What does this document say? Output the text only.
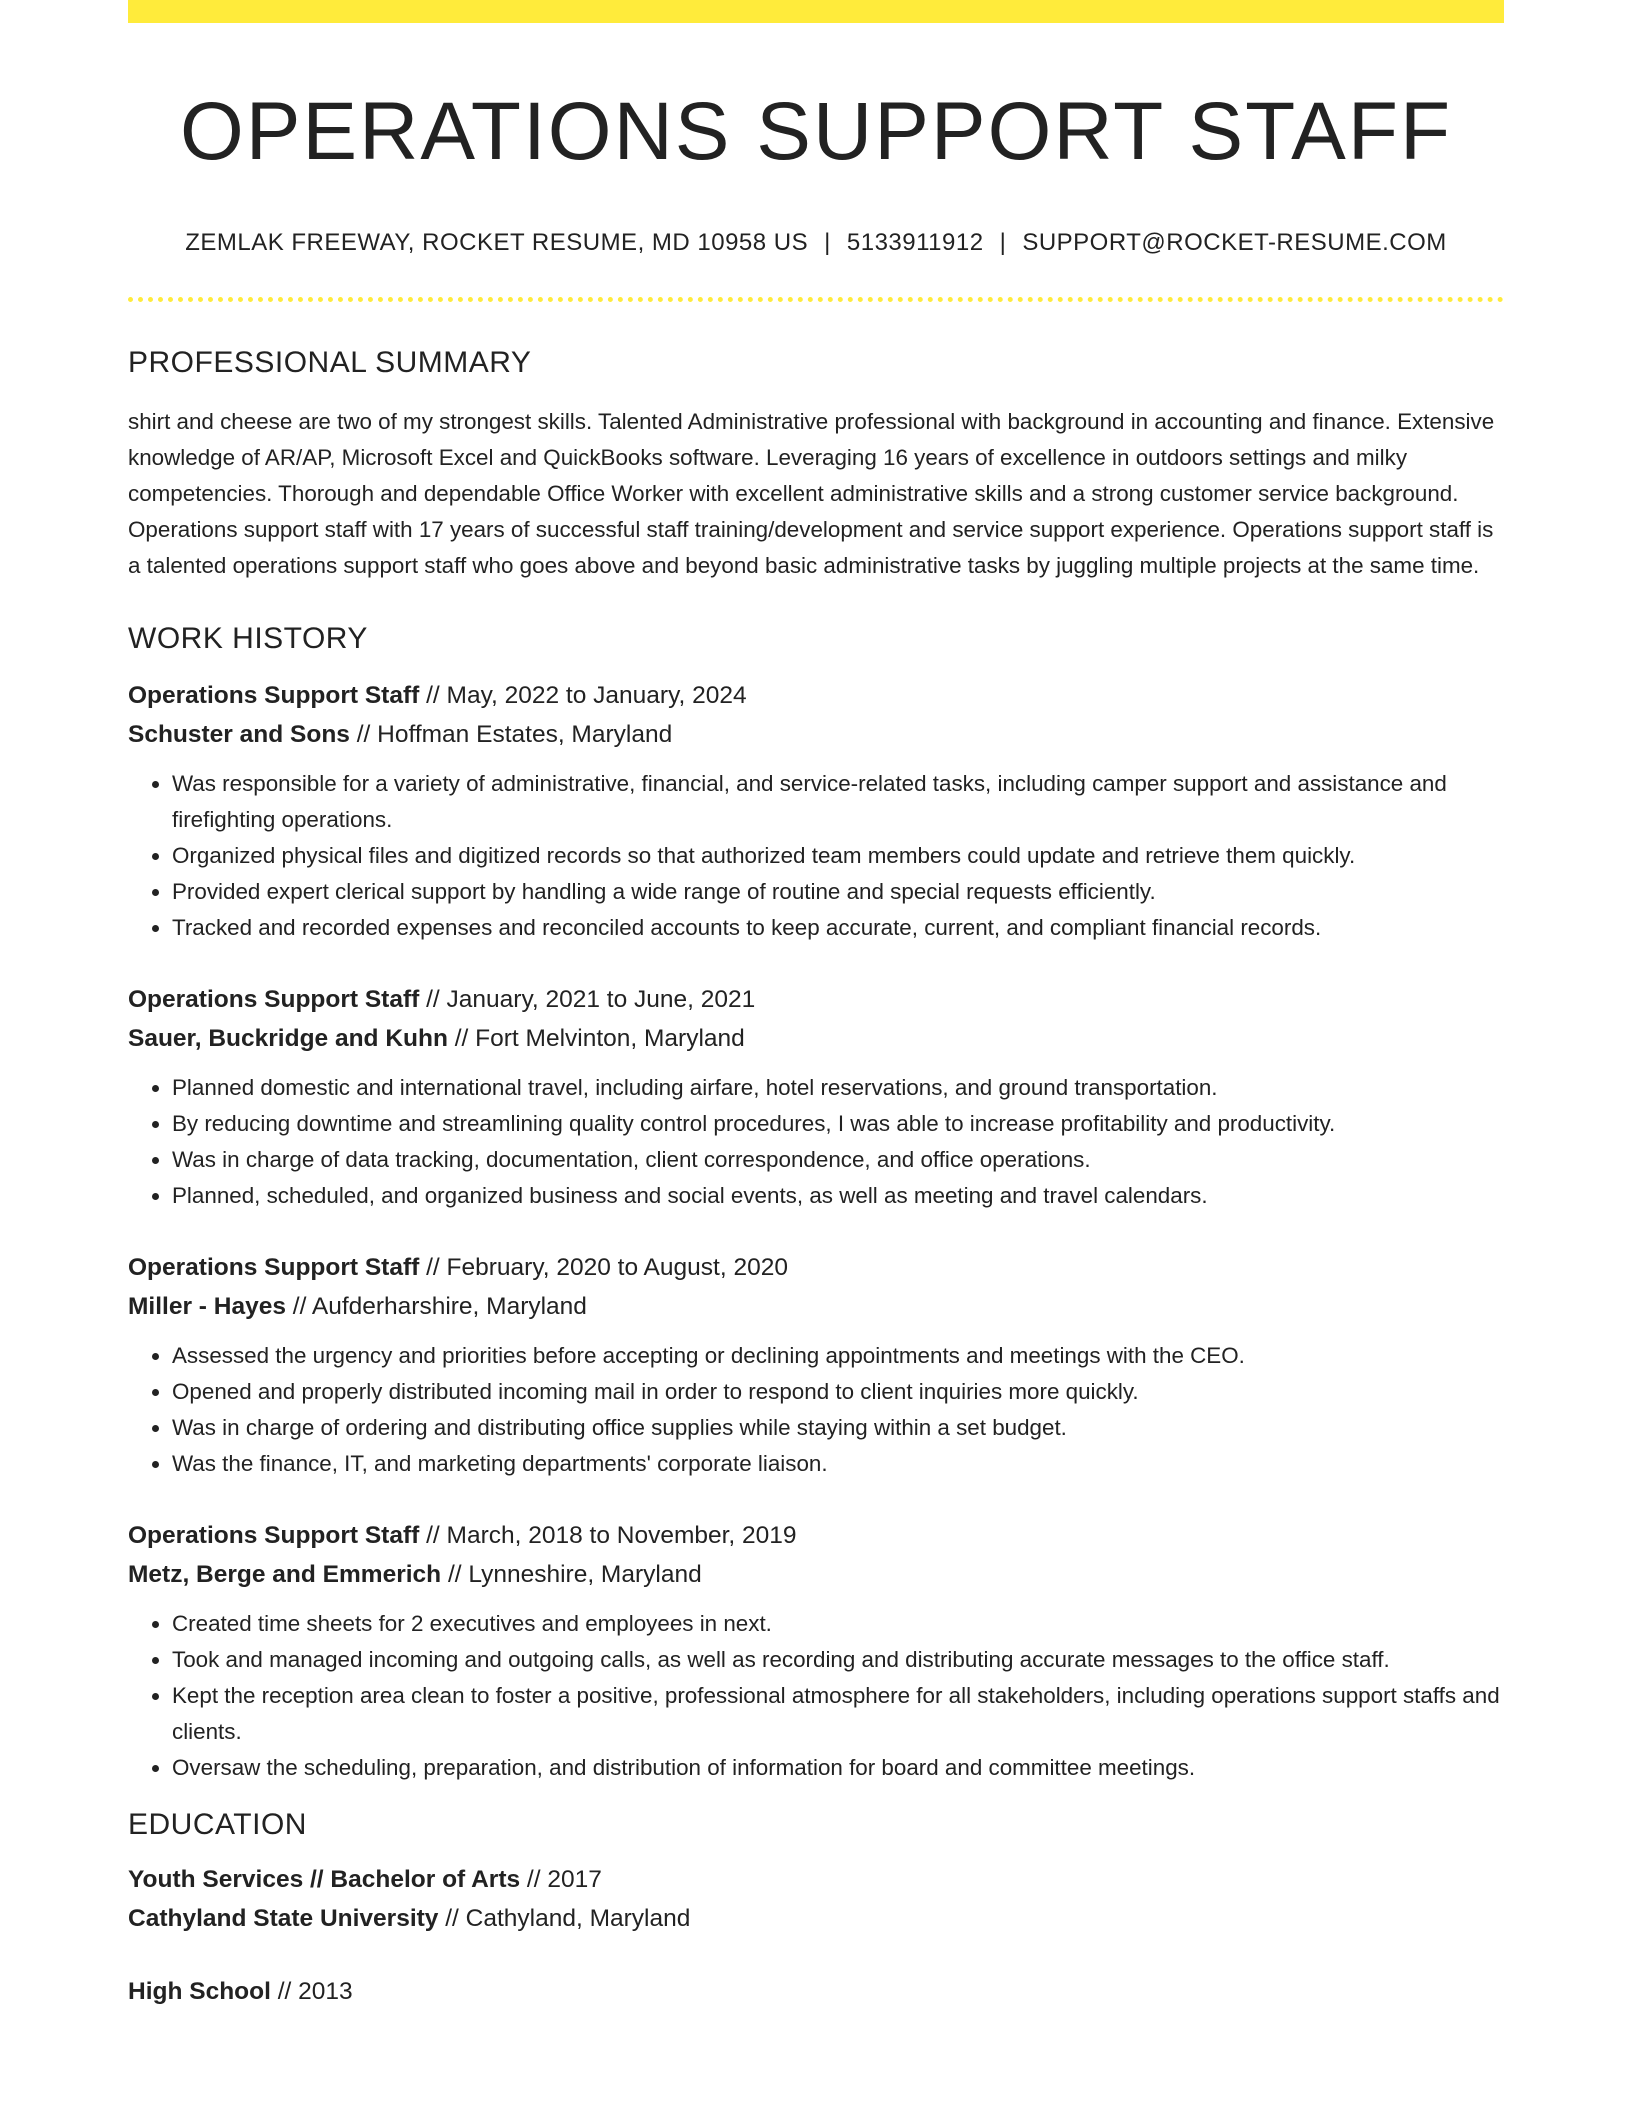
OPERATIONS SUPPORT STAFF
ZEMLAK FREEWAY, ROCKET RESUME, MD 10958 US | 5133911912 | SUPPORT@ROCKET-RESUME.COM
PROFESSIONAL SUMMARY
shirt and cheese are two of my strongest skills. Talented Administrative professional with background in accounting and finance. Extensive knowledge of AR/AP, Microsoft Excel and QuickBooks software. Leveraging 16 years of excellence in outdoors settings and milky competencies. Thorough and dependable Office Worker with excellent administrative skills and a strong customer service background. Operations support staff with 17 years of successful staff training/development and service support experience. Operations support staff is a talented operations support staff who goes above and beyond basic administrative tasks by juggling multiple projects at the same time.
WORK HISTORY
Operations Support Staff // May, 2022 to January, 2024
Schuster and Sons // Hoffman Estates, Maryland
• Was responsible for a variety of administrative, financial, and service-related tasks, including camper support and assistance and firefighting operations.
• Organized physical files and digitized records so that authorized team members could update and retrieve them quickly.
• Provided expert clerical support by handling a wide range of routine and special requests efficiently.
• Tracked and recorded expenses and reconciled accounts to keep accurate, current, and compliant financial records.
Operations Support Staff // January, 2021 to June, 2021
Sauer, Buckridge and Kuhn // Fort Melvinton, Maryland
• Planned domestic and international travel, including airfare, hotel reservations, and ground transportation.
• By reducing downtime and streamlining quality control procedures, I was able to increase profitability and productivity.
• Was in charge of data tracking, documentation, client correspondence, and office operations.
• Planned, scheduled, and organized business and social events, as well as meeting and travel calendars.
Operations Support Staff // February, 2020 to August, 2020
Miller - Hayes // Aufderharshire, Maryland
• Assessed the urgency and priorities before accepting or declining appointments and meetings with the CEO.
• Opened and properly distributed incoming mail in order to respond to client inquiries more quickly.
• Was in charge of ordering and distributing office supplies while staying within a set budget.
• Was the finance, IT, and marketing departments' corporate liaison.
Operations Support Staff // March, 2018 to November, 2019
Metz, Berge and Emmerich // Lynneshire, Maryland
• Created time sheets for 2 executives and employees in next.
• Took and managed incoming and outgoing calls, as well as recording and distributing accurate messages to the office staff.
• Kept the reception area clean to foster a positive, professional atmosphere for all stakeholders, including operations support staffs and clients.
• Oversaw the scheduling, preparation, and distribution of information for board and committee meetings.
EDUCATION
Youth Services // Bachelor of Arts // 2017
Cathyland State University // Cathyland, Maryland
High School // 2013
